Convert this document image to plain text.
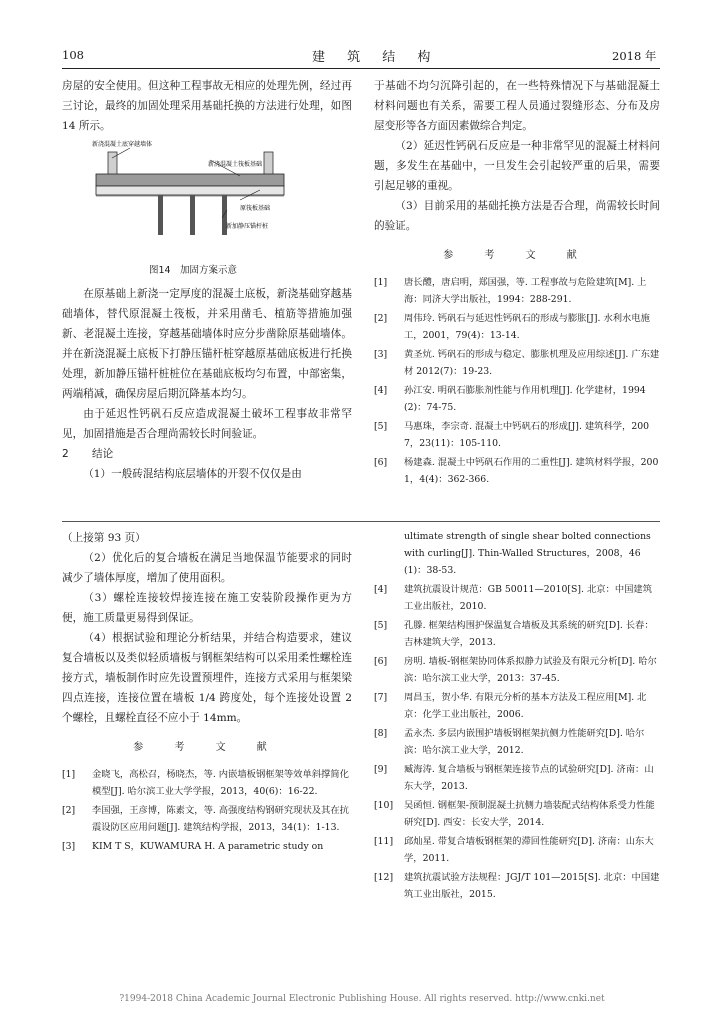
108	建 筑 结 构	2018 年

房屋的安全使用。但这种工程事故无相应的处理先例，经过再三讨论，最终的加固处理采用基础托换的方法进行处理，如图 14 所示。

新浇混凝土底穿越墙体
新浇混凝土筏板基础
原筏板基础
新加静压锚杆桩
图14　加固方案示意

在原基础上新浇一定厚度的混凝土底板，新浇基础穿越基础墙体，替代原混凝土筏板，并采用凿毛、植筋等措施加强新、老混凝土连接，穿越基础墙体时应分步凿除原基础墙体。并在新浇混凝土底板下打静压锚杆桩穿越原基础底板进行托换处理，新加静压锚杆桩桩位在基础底板均匀布置，中部密集，两端稍减，确保房屋后期沉降基本均匀。

由于延迟性钙矾石反应造成混凝土破坏工程事故非常罕见，加固措施是否合理尚需较长时间验证。

2 结论

（1）一般砖混结构底层墙体的开裂不仅仅是由

于基础不均匀沉降引起的，在一些特殊情况下与基础混凝土材料问题也有关系，需要工程人员通过裂缝形态、分布及房屋变形等各方面因素做综合判定。

（2）延迟性钙矾石反应是一种非常罕见的混凝土材料问题，多发生在基础中，一旦发生会引起较严重的后果，需要引起足够的重视。

（3）目前采用的基础托换方法是否合理，尚需较长时间的验证。

参 考 文 献
[1]	唐长醴，唐启明，郑国强，等. 工程事故与危险建筑[M]. 上海：同济大学出版社，1994：288-291.
[2]	周伟玲. 钙矾石与延迟性钙矾石的形成与膨胀[J]. 水利水电施工，2001，79(4)：13-14.
[3]	黄圣炕. 钙矾石的形成与稳定、膨胀机理及应用综述[J]. 广东建材 2012(7)：19-23.
[4]	孙江安. 明矾石膨胀剂性能与作用机理[J]. 化学建材，1994(2)：74-75.
[5]	马惠珠，李宗奇. 混凝土中钙矾石的形成[J]. 建筑科学，2007，23(11)：105-110.
[6]	杨建森. 混凝土中钙矾石作用的二重性[J]. 建筑材料学报，2001，4(4)：362-366.

（上接第 93 页）

（2）优化后的复合墙板在满足当地保温节能要求的同时减少了墙体厚度，增加了使用面积。

（3）螺栓连接较焊接连接在施工安装阶段操作更为方便，施工质量更易得到保证。

（4）根据试验和理论分析结果，并结合构造要求，建议复合墙板以及类似轻质墙板与钢框架结构可以采用柔性螺栓连接方式，墙板制作时应先设置预埋件，连接方式采用与框架梁四点连接，连接位置在墙板 1/4 跨度处，每个连接处设置 2 个螺栓，且螺栓直径不应小于 14mm。

参 考 文 献
[1]	金晓飞，高松召，杨晓杰，等. 内嵌墙板钢框架等效单斜撑简化模型[J]. 哈尔滨工业大学学报，2013，40(6)：16-22.
[2]	李国强，王彦博，陈素文，等. 高强度结构钢研究现状及其在抗震设防区应用问题[J]. 建筑结构学报，2013，34(1)：1-13.
[3]	KIM T S，KUWAMURA H. A parametric study on
ultimate strength of single shear bolted connections with curling[J]. Thin-Walled Structures，2008，46(1)：38-53.
[4]	建筑抗震设计规范：GB 50011—2010[S]. 北京：中国建筑工业出版社，2010.
[5]	孔滕. 框架结构围护保温复合墙板及其系统的研究[D]. 长春：吉林建筑大学，2013.
[6]	房明. 墙板-钢框架协同体系拟静力试验及有限元分析[D]. 哈尔滨：哈尔滨工业大学，2013：37-45.
[7]	周昌玉，贺小华. 有限元分析的基本方法及工程应用[M]. 北京：化学工业出版社，2006.
[8]	孟永杰. 多层内嵌围护墙板钢框架抗侧力性能研究[D]. 哈尔滨：哈尔滨工业大学，2012.
[9]	臧海涛. 复合墙板与钢框架连接节点的试验研究[D]. 济南：山东大学，2013.
[10]	吴函恒. 钢框架-预制混凝土抗侧力墙装配式结构体系受力性能研究[D]. 西安：长安大学，2014.
[11]	邱灿星. 带复合墙板钢框架的滞回性能研究[D]. 济南：山东大学，2011.
[12]	建筑抗震试验方法规程：JGJ/T 101—2015[S]. 北京：中国建筑工业出版社，2015.
?1994-2018 China Academic Journal Electronic Publishing House. All rights reserved. http://www.cnki.net
